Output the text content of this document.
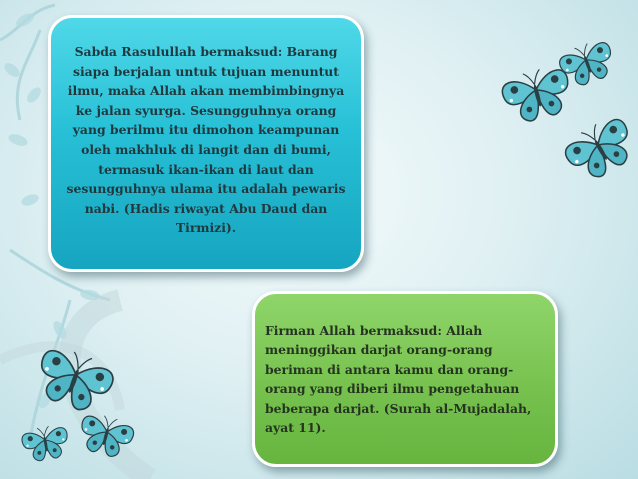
Sabda Rasulullah bermaksud: Barang siapa berjalan untuk tujuan menuntut ilmu, maka Allah akan membimbingnya ke jalan syurga. Sesungguhnya orang yang berilmu itu dimohon keampunan oleh makhluk di langit dan di bumi, termasuk ikan-ikan di laut dan sesungguhnya ulama itu adalah pewaris nabi. (Hadis riwayat Abu Daud dan Tirmizi).

Firman Allah bermaksud: Allah meninggikan darjat orang-orang beriman di antara kamu dan orang-orang yang diberi ilmu pengetahuan beberapa darjat. (Surah al-Mujadalah, ayat 11).
